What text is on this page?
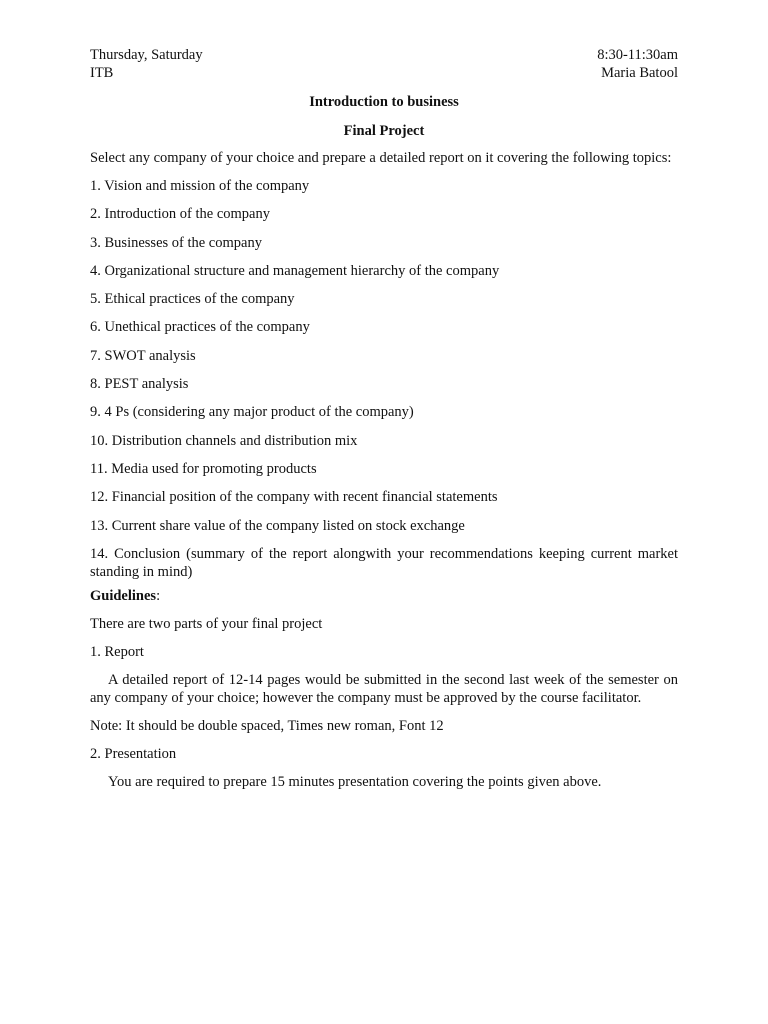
Thursday, Saturday	8:30-11:30am
ITB	Maria Batool
Introduction to business
Final Project
Select any company of your choice and prepare a detailed report on it covering the following topics:
1. Vision and mission of the company
2. Introduction of the company
3. Businesses of the company
4. Organizational structure and management hierarchy of the company
5. Ethical practices of the company
6. Unethical practices of the company
7. SWOT analysis
8. PEST analysis
9. 4 Ps (considering any major product of the company)
10. Distribution channels and distribution mix
11. Media used for promoting products
12. Financial position of the company with recent financial statements
13. Current share value of the company listed on stock exchange
14. Conclusion (summary of the report alongwith your recommendations keeping current market standing in mind)
Guidelines:
There are two parts of your final project
1. Report
A detailed report of 12-14 pages would be submitted in the second last week of the semester on any company of your choice; however the company must be approved by the course facilitator.
Note: It should be double spaced, Times new roman, Font 12
2. Presentation
You are required to prepare 15 minutes presentation covering the points given above.
